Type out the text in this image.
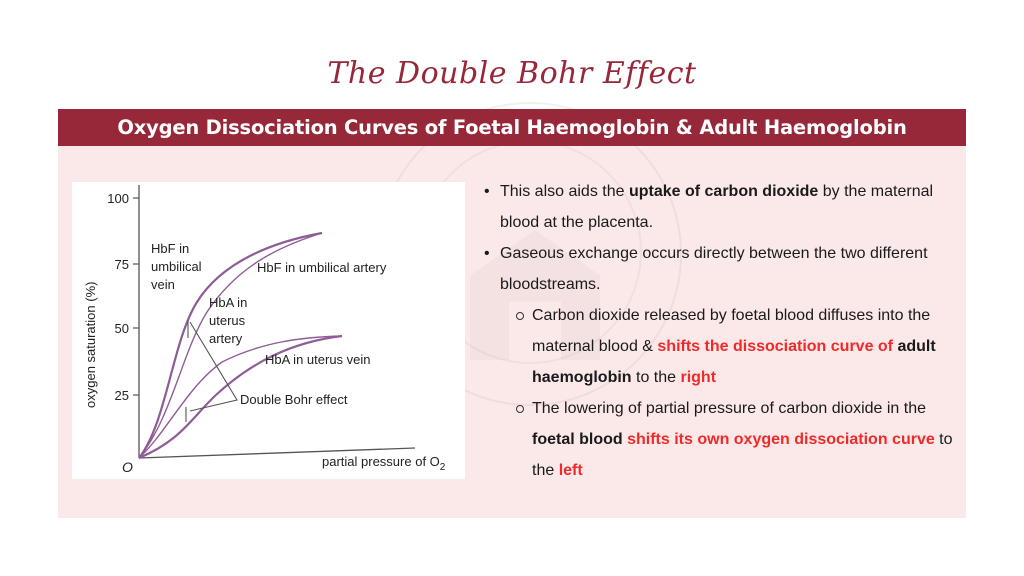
The Double Bohr Effect
Oxygen Dissociation Curves of Foetal Haemoglobin & Adult Haemoglobin
100
75
50
25
oxygen saturation (%)
O	partial pressure of $O_2$
HbF in
umbilical
vein
HbF in umbilical artery
HbA in
uterus
artery
HbA in uterus vein
Double Bohr effect
• This also aids the uptake of carbon dioxide by the maternal blood at the placenta.
• Gaseous exchange occurs directly between the two different bloodstreams.
Carbon dioxide released by foetal blood diffuses into the maternal blood & shifts the dissociation curve of adult haemoglobin to the right
The lowering of partial pressure of carbon dioxide in the foetal blood shifts its own oxygen dissociation curve to the left
